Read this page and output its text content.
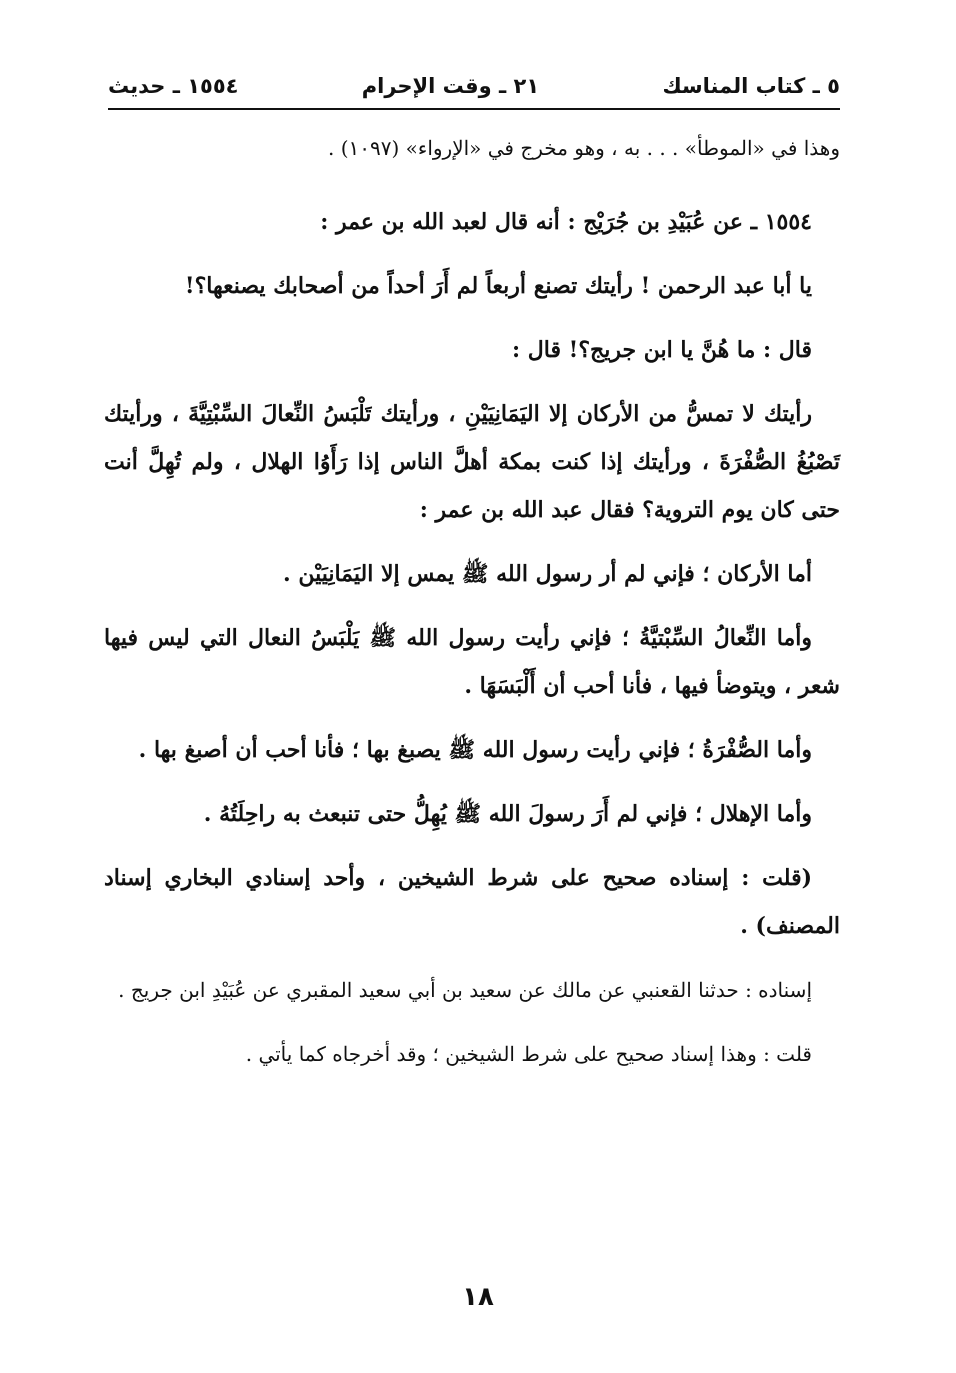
٥ ـ كتاب المناسك
٢١ ـ وقت الإحرام
١٥٥٤ ـ حديث

وهذا في «الموطأ» . . . به ، وهو مخرج في «الإرواء» (١٠٩٧) .

١٥٥٤ ـ عن عُبَيْدِ بن جُرَيْج : أنه قال لعبد الله بن عمر :

يا أبا عبد الرحمن ! رأيتك تصنع أربعاً لم أَرَ أحداً من أصحابك يصنعها؟!

قال : ما هُنَّ يا ابن جريج؟! قال :

رأيتك لا تمسُّ من الأركان إلا اليَمَانِيَيْنِ ، ورأيتك تَلْبَسُ النِّعالَ السِّبْتِيَّةَ ، ورأيتك تَصْبُغُ الصُّفْرَةَ ، ورأيتك إذا كنت بمكة أهلَّ الناس إذا رَأَوُا الهلال ، ولم تُهِلَّ أنت حتى كان يوم التروية؟ فقال عبد الله بن عمر :

أما الأركان ؛ فإني لم أر رسول الله ﷺ يمس إلا اليَمَانِيَيْن .

وأما النِّعالُ السِّبْتيَّةُ ؛ فإني رأيت رسول الله ﷺ يَلْبَسُ النعال التي ليس فيها شعر ، ويتوضأ فيها ، فأنا أحب أن أَلْبَسَهَا .

وأما الصُّفْرَةُ ؛ فإني رأيت رسول الله ﷺ يصبغ بها ؛ فأنا أحب أن أصبغ بها .

وأما الإهلال ؛ فإني لم أَرَ رسولَ الله ﷺ يُهِلُّ حتى تنبعث به راحِلَتُهُ .

(قلت : إسناده صحيح على شرط الشيخين ، وأحد إسنادي البخاري إسناد المصنف) .

إسناده : حدثنا القعنبي عن مالك عن سعيد بن أبي سعيد المقبري عن عُبَيْدِ ابن جريج .

قلت : وهذا إسناد صحيح على شرط الشيخين ؛ وقد أخرجاه كما يأتي .

١٨
